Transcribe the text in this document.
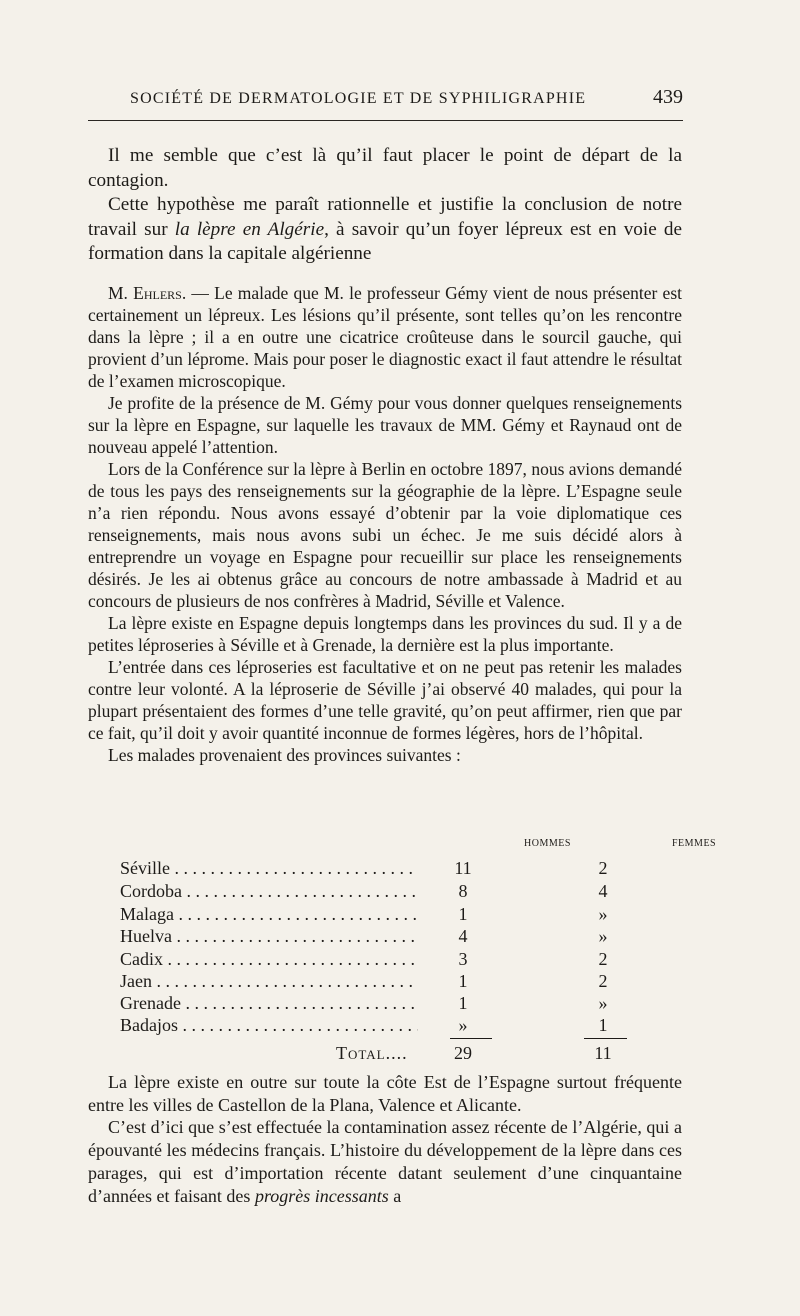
SOCIÉTÉ DE DERMATOLOGIE ET DE SYPHILIGRAPHIE	439

Il me semble que c’est là qu’il faut placer le point de départ de la contagion.

Cette hypothèse me paraît rationnelle et justifie la conclusion de notre travail sur la lèpre en Algérie, à savoir qu’un foyer lépreux est en voie de formation dans la capitale algérienne

M. Ehlers. — Le malade que M. le professeur Gémy vient de nous présenter est certainement un lépreux. Les lésions qu’il présente, sont telles qu’on les rencontre dans la lèpre ; il a en outre une cicatrice croûteuse dans le sourcil gauche, qui provient d’un lépromе. Mais pour poser le diagnostic exact il faut attendre le résultat de l’examen microscopique.

Je profite de la présence de M. Gémy pour vous donner quelques renseignements sur la lèpre en Espagne, sur laquelle les travaux de MM. Gémy et Raynaud ont de nouveau appelé l’attention.

Lors de la Conférence sur la lèpre à Berlin en octobre 1897, nous avions demandé de tous les pays des renseignements sur la géographie de la lèpre. L’Espagne seule n’a rien répondu. Nous avons essayé d’obtenir par la voie diplomatique ces renseignements, mais nous avons subi un échec. Je me suis décidé alors à entreprendre un voyage en Espagne pour recueillir sur place les renseignements désirés. Je les ai obtenus grâce au concours de notre ambassade à Madrid et au concours de plusieurs de nos confrères à Madrid, Séville et Valence.

La lèpre existe en Espagne depuis longtemps dans les provinces du sud. Il y a de petites léproseries à Séville et à Grenade, la dernière est la plus importante.

L’entrée dans ces léproseries est facultative et on ne peut pas retenir les malades contre leur volonté. A la léproserie de Séville j’ai observé 40 malades, qui pour la plupart présentaient des formes d’une telle gravité, qu’on peut affirmer, rien que par ce fait, qu’il doit y avoir quantité inconnue de formes légères, hors de l’hôpital.

Les malades provenaient des provinces suivantes :

HOMMES	FEMMES
Séville . . .	11	2
Cordoba . . .	8	4
Malaga . . .	1	»
Huelva . . .	4	»
Cadix . . .	3	2
Jaen . . .	1	2
Grenade . . .	1	»
Badajos . . .	»	1
Total....	29	11

La lèpre existe en outre sur toute la côte Est de l’Espagne surtout fréquente entre les villes de Castellon de la Plana, Valence et Alicante.

C’est d’ici que s’est effectuée la contamination assez récente de l’Algérie, qui a épouvanté les médecins français. L’histoire du développement de la lèpre dans ces parages, qui est d’importation récente datant seulement d’une cinquantaine d’années et faisant des progrès incessants a
